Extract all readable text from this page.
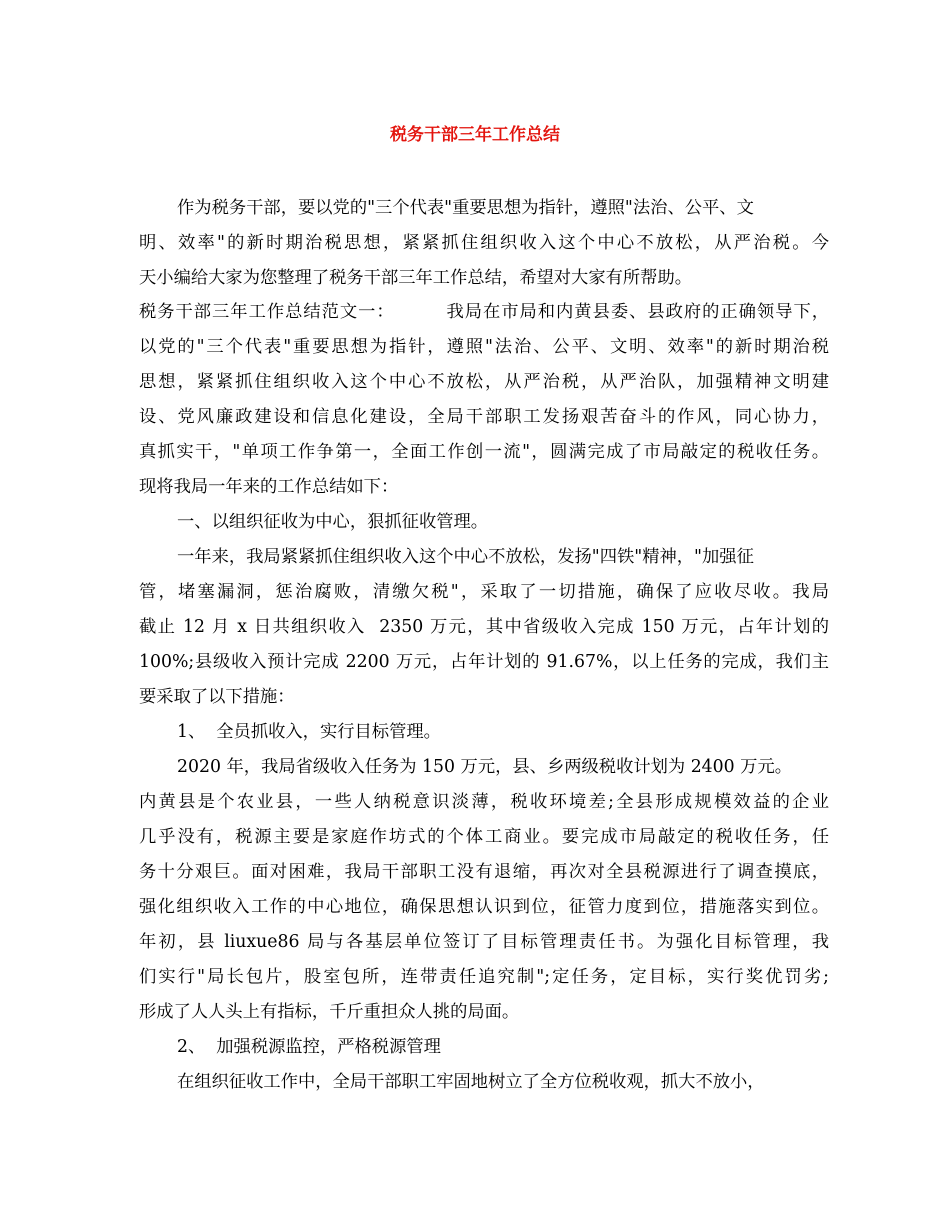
税务干部三年工作总结
作为税务干部，要以党的"三个代表"重要思想为指针，遵照"法治、公平、文
明、效率"的新时期治税思想，紧紧抓住组织收入这个中心不放松，从严治税。今
天小编给大家为您整理了税务干部三年工作总结，希望对大家有所帮助。
税务干部三年工作总结范文一：        我局在市局和内黄县委、县政府的正确领导下，
以党的"三个代表"重要思想为指针，遵照"法治、公平、文明、效率"的新时期治税
思想，紧紧抓住组织收入这个中心不放松，从严治税，从严治队，加强精神文明建
设、党风廉政建设和信息化建设，全局干部职工发扬艰苦奋斗的作风，同心协力，
真抓实干，"单项工作争第一，全面工作创一流"，圆满完成了市局敲定的税收任务。
现将我局一年来的工作总结如下：
一、以组织征收为中心，狠抓征收管理。
一年来，我局紧紧抓住组织收入这个中心不放松，发扬"四铁"精神，"加强征
管，堵塞漏洞，惩治腐败，清缴欠税"，采取了一切措施，确保了应收尽收。我局
截止 12 月 x 日共组织收入  2350 万元，其中省级收入完成 150 万元，占年计划的
100%;县级收入预计完成 2200 万元，占年计划的 91.67%，以上任务的完成，我们主
要采取了以下措施：
1、  全员抓收入，实行目标管理。
2020 年，我局省级收入任务为 150 万元，县、乡两级税收计划为 2400 万元。
内黄县是个农业县，一些人纳税意识淡薄，税收环境差;全县形成规模效益的企业
几乎没有，税源主要是家庭作坊式的个体工商业。要完成市局敲定的税收任务，任
务十分艰巨。面对困难，我局干部职工没有退缩，再次对全县税源进行了调查摸底，
强化组织收入工作的中心地位，确保思想认识到位，征管力度到位，措施落实到位。
年初，县 liuxue86 局与各基层单位签订了目标管理责任书。为强化目标管理，我
们实行"局长包片，股室包所，连带责任追究制";定任务，定目标，实行奖优罚劣;
形成了人人头上有指标，千斤重担众人挑的局面。
2、  加强税源监控，严格税源管理
在组织征收工作中，全局干部职工牢固地树立了全方位税收观，抓大不放小，
